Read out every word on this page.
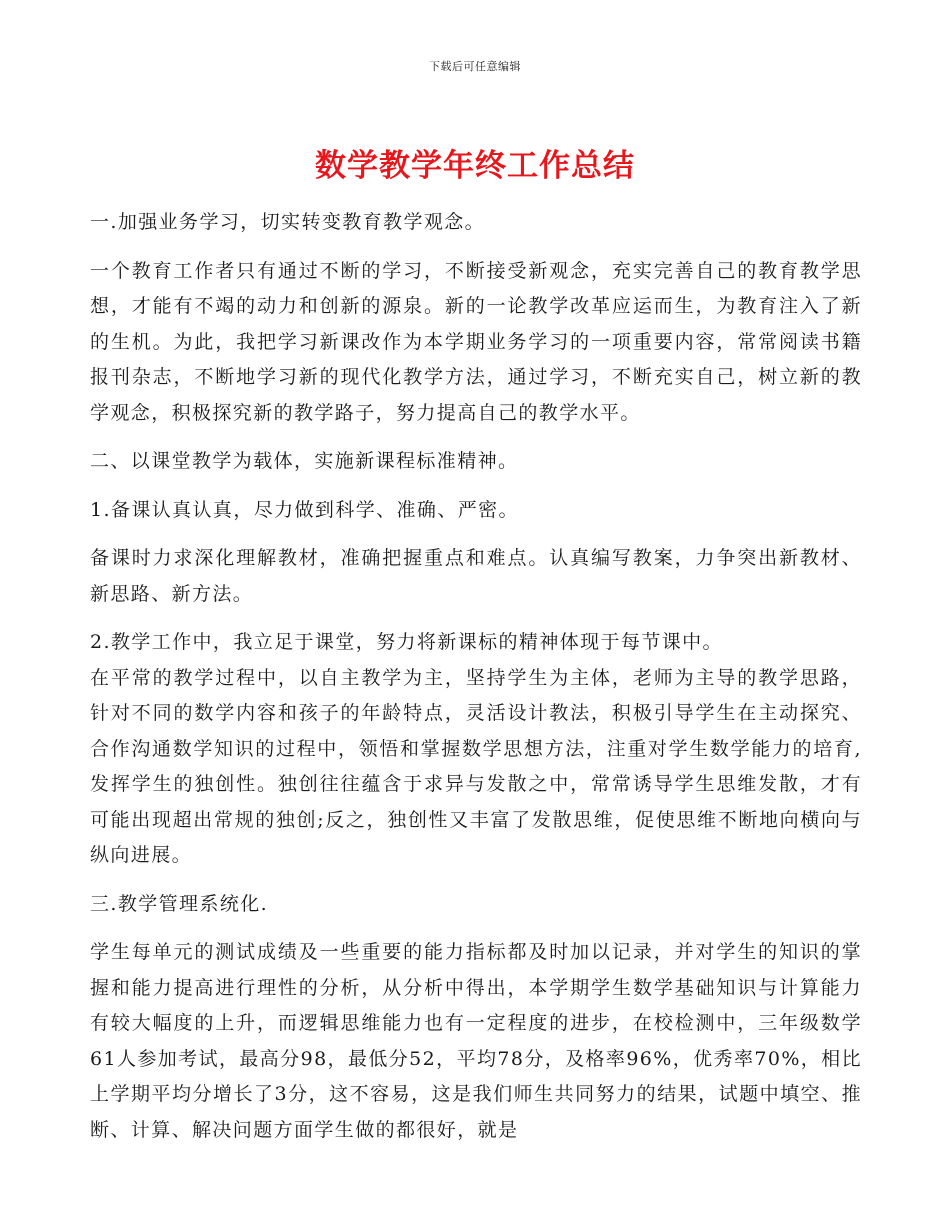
下载后可任意编辑
数学教学年终工作总结

一.加强业务学习，切实转变教育教学观念。

一个教育工作者只有通过不断的学习，不断接受新观念，充实完善自己的教育教学思想，才能有不竭的动力和创新的源泉。新的一论教学改革应运而生，为教育注入了新的生机。为此，我把学习新课改作为本学期业务学习的一项重要内容，常常阅读书籍报刊杂志，不断地学习新的现代化教学方法，通过学习，不断充实自己，树立新的教学观念，积极探究新的教学路子，努力提高自己的教学水平。

二、以课堂教学为载体，实施新课程标准精神。

1.备课认真认真，尽力做到科学、准确、严密。

备课时力求深化理解教材，准确把握重点和难点。认真编写教案，力争突出新教材、新思路、新方法。

2.教学工作中，我立足于课堂，努力将新课标的精神体现于每节课中。

在平常的教学过程中，以自主教学为主，坚持学生为主体，老师为主导的教学思路，针对不同的数学内容和孩子的年龄特点，灵活设计教法，积极引导学生在主动探究、合作沟通数学知识的过程中，领悟和掌握数学思想方法，注重对学生数学能力的培育,发挥学生的独创性。独创往往蕴含于求异与发散之中，常常诱导学生思维发散，才有可能出现超出常规的独创;反之，独创性又丰富了发散思维，促使思维不断地向横向与纵向进展。

三.教学管理系统化.

学生每单元的测试成绩及一些重要的能力指标都及时加以记录，并对学生的知识的掌握和能力提高进行理性的分析，从分析中得出，本学期学生数学基础知识与计算能力有较大幅度的上升，而逻辑思维能力也有一定程度的进步，在校检测中，三年级数学61人参加考试，最高分98，最低分52，平均78分，及格率96%，优秀率70%，相比上学期平均分增长了3分，这不容易，这是我们师生共同努力的结果，试题中填空、推断、计算、解决问题方面学生做的都很好，就是
